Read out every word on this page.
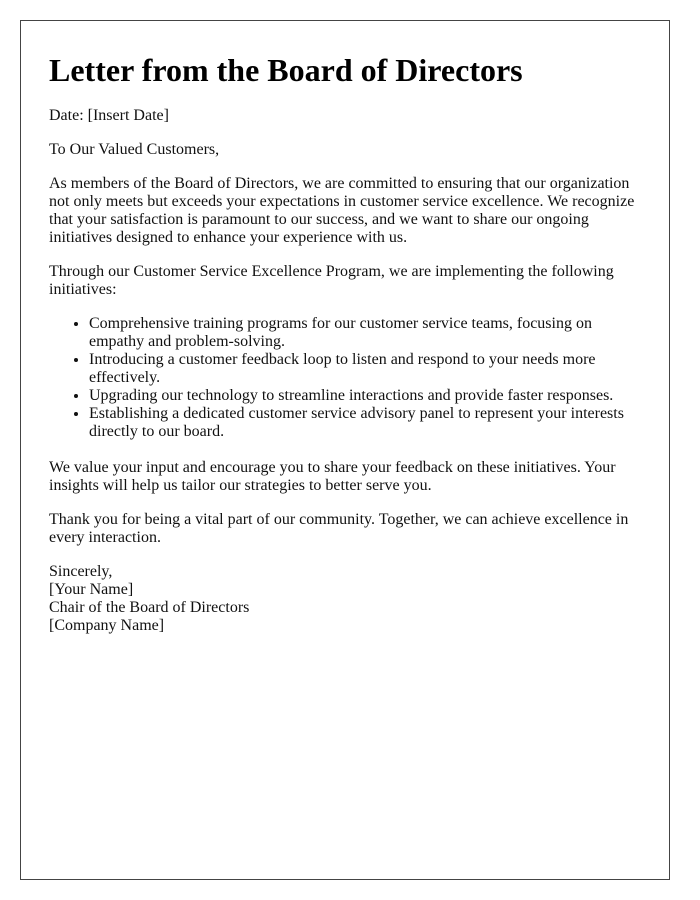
Letter from the Board of Directors

Date: [Insert Date]

To Our Valued Customers,

As members of the Board of Directors, we are committed to ensuring that our organization not only meets but exceeds your expectations in customer service excellence. We recognize that your satisfaction is paramount to our success, and we want to share our ongoing initiatives designed to enhance your experience with us.

Through our Customer Service Excellence Program, we are implementing the following initiatives:

• Comprehensive training programs for our customer service teams, focusing on empathy and problem-solving.
• Introducing a customer feedback loop to listen and respond to your needs more effectively.
• Upgrading our technology to streamline interactions and provide faster responses.
• Establishing a dedicated customer service advisory panel to represent your interests directly to our board.

We value your input and encourage you to share your feedback on these initiatives. Your insights will help us tailor our strategies to better serve you.

Thank you for being a vital part of our community. Together, we can achieve excellence in every interaction.

Sincerely,

[Your Name]

Chair of the Board of Directors

[Company Name]
